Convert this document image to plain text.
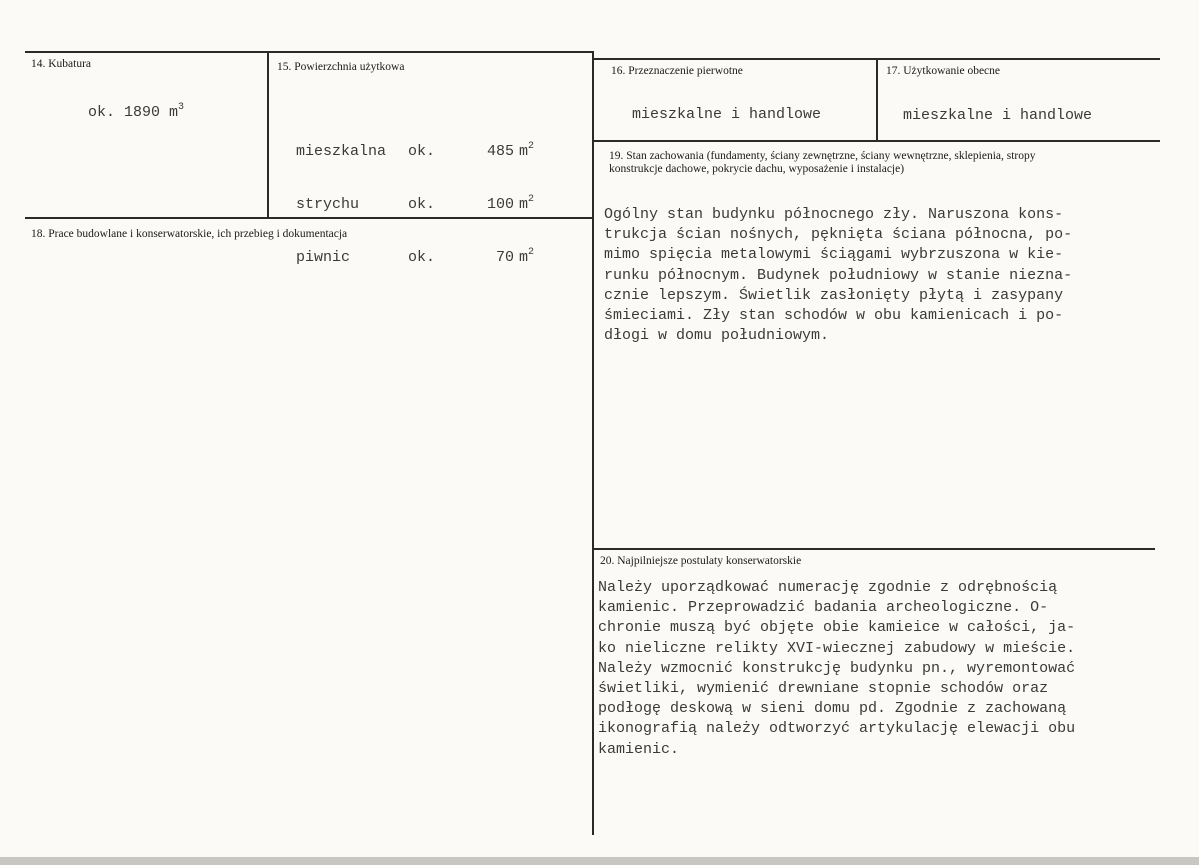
14. Kubatura
ok. 1890 $m^3$
15. Powierzchnia użytkowa

mieszkalna ok.	485 m2

strychu	ok.	100 m2

piwnic	ok.	70 m2

16. Przeznaczenie pierwotne
mieszkalne i handlowe
17. Użytkowanie obecne
mieszkalne i handlowe
18. Prace budowlane i konserwatorskie, ich przebieg i dokumentacja
19. Stan zachowania (fundamenty, ściany zewnętrzne, ściany wewnętrzne, sklepienia, stropy
konstrukcje dachowe, pokrycie dachu, wyposażenie i instalacje)
Ogólny stan budynku północnego zły. Naruszona kons-
trukcja ścian nośnych, pęknięta ściana północna, po-
mimo spięcia metalowymi ściągami wybrzuszona w kie-
runku północnym. Budynek południowy w stanie niezna-
cznie lepszym. Świetlik zasłonięty płytą i zasypany
śmieciami. Zły stan schodów w obu kamienicach i po-
dłogi w domu południowym.
20. Najpilniejsze postulaty konserwatorskie
Należy uporządkować numerację zgodnie z odrębnością
kamienic. Przeprowadzić badania archeologiczne. O-
chronie muszą być objęte obie kamieice w całości, ja-
ko nieliczne relikty XVI-wiecznej zabudowy w mieście.
Należy wzmocnić konstrukcję budynku pn., wyremontować
świetliki, wymienić drewniane stopnie schodów oraz
podłogę deskową w sieni domu pd. Zgodnie z zachowaną
ikonografią należy odtworzyć artykulację elewacji obu
kamienic.
